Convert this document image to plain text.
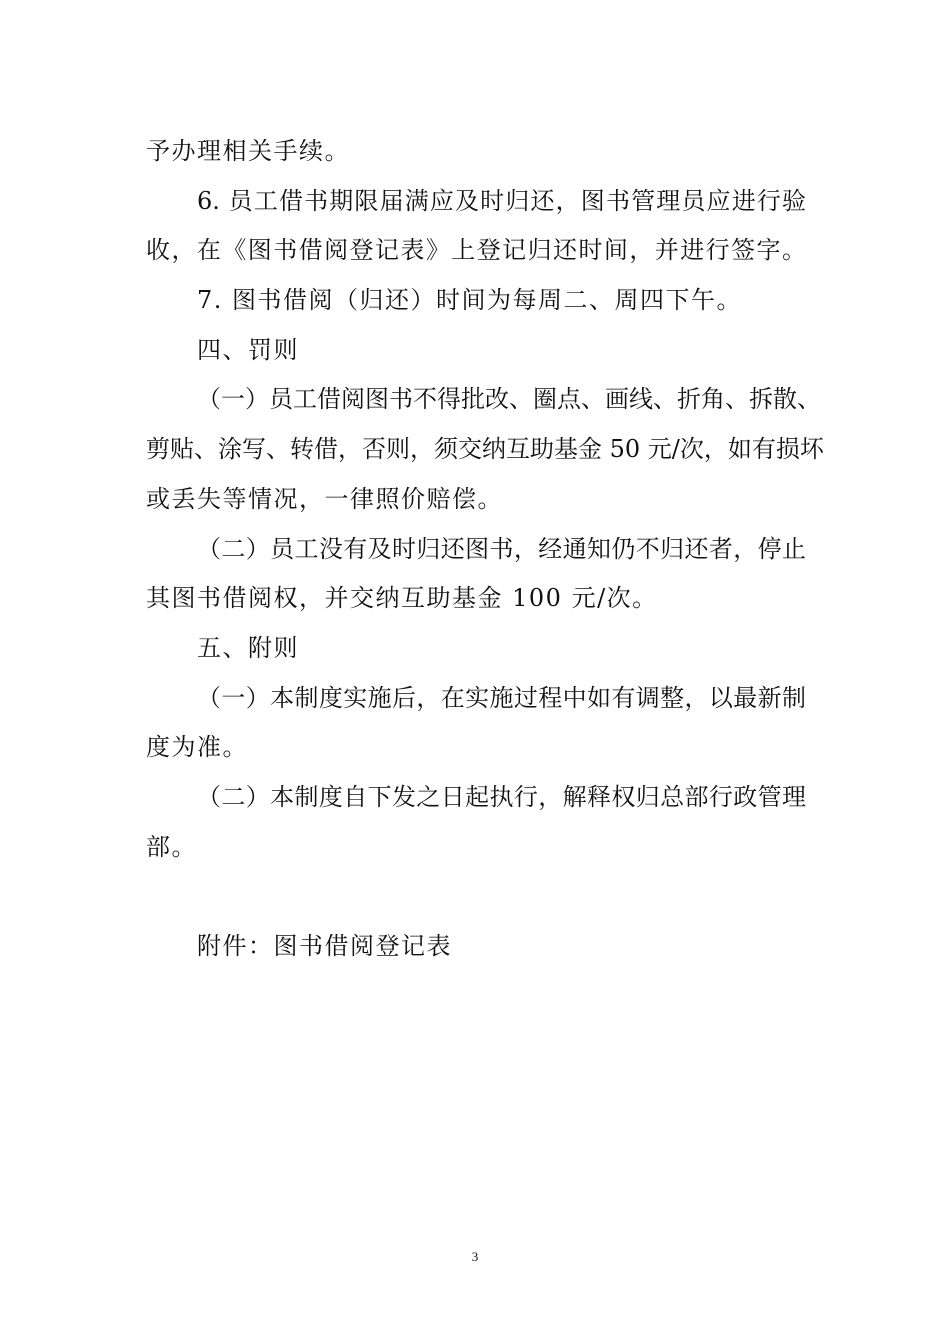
予办理相关手续。
6. 员工借书期限届满应及时归还，图书管理员应进行验
收，在《图书借阅登记表》上登记归还时间，并进行签字。
7. 图书借阅（归还）时间为每周二、周四下午。
四、罚则
（一）员工借阅图书不得批改、圈点、画线、折角、拆散、
剪贴、涂写、转借，否则，须交纳互助基金 50 元/次，如有损坏
或丢失等情况，一律照价赔偿。
（二）员工没有及时归还图书，经通知仍不归还者，停止
其图书借阅权，并交纳互助基金 100 元/次。
五、附则
（一）本制度实施后，在实施过程中如有调整，以最新制
度为准。
（二）本制度自下发之日起执行，解释权归总部行政管理
部。
附件：图书借阅登记表
3
